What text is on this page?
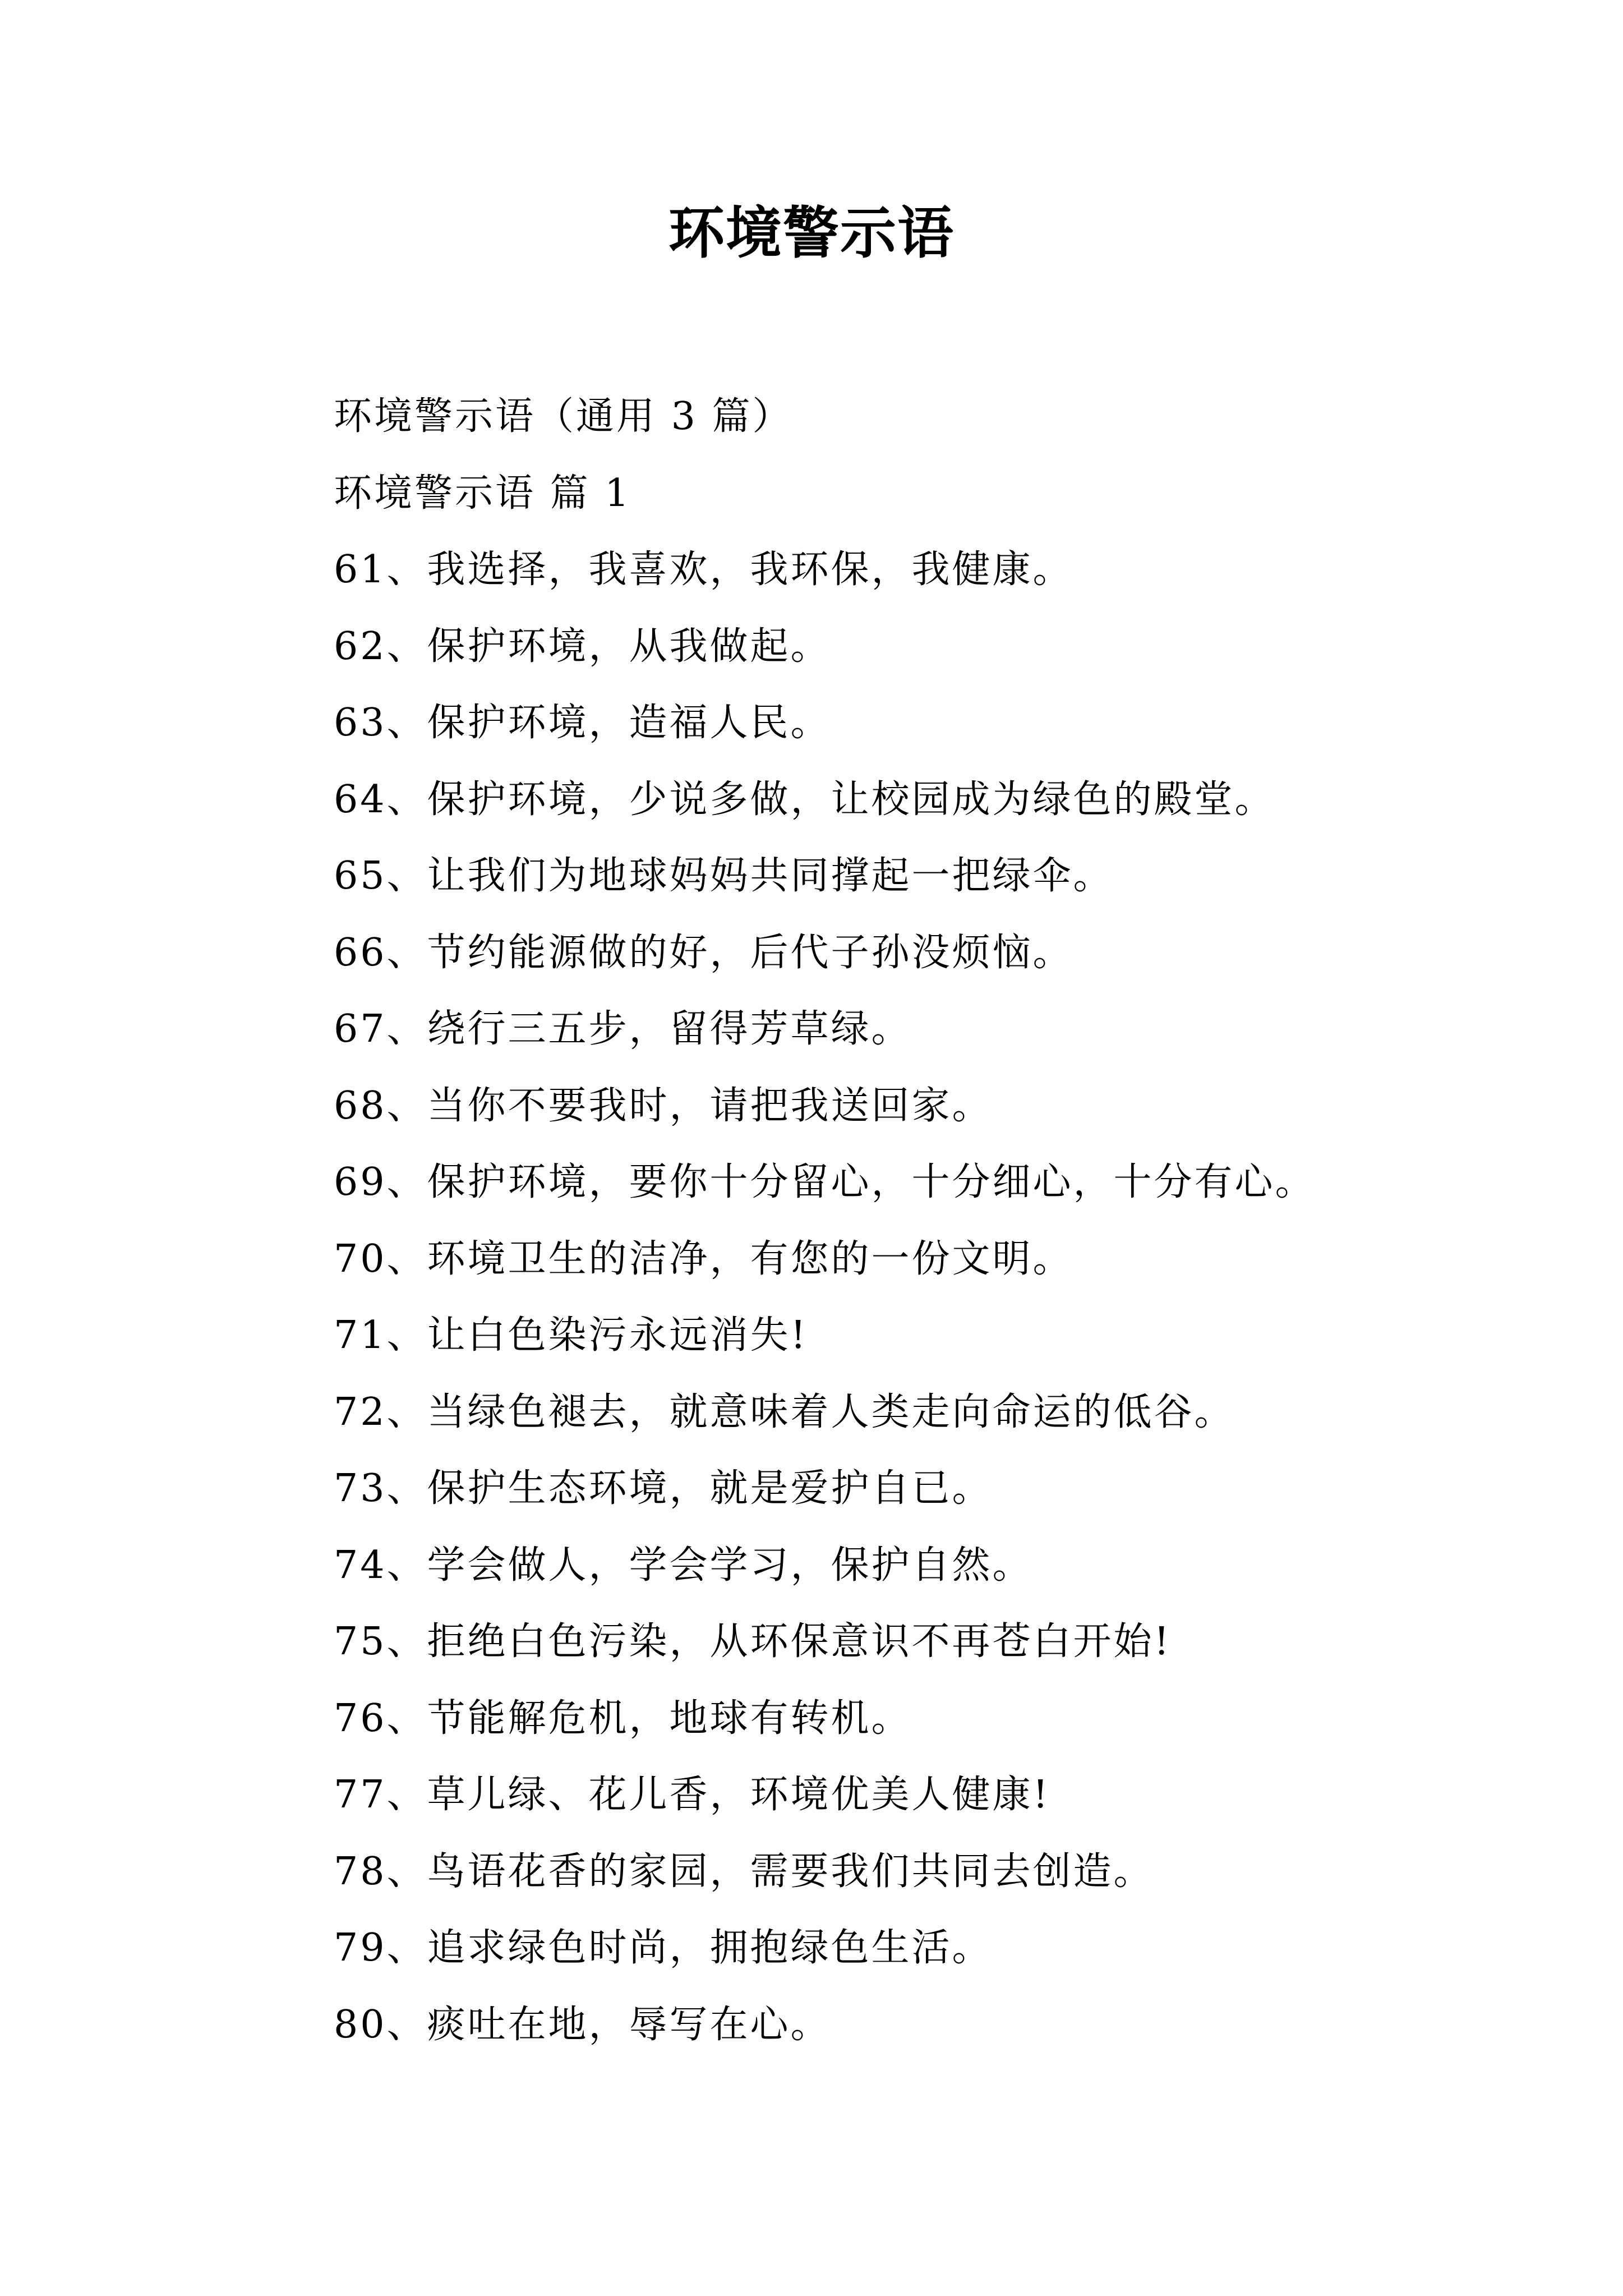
环境警示语
环境警示语（通用 3 篇）
环境警示语 篇 1
61、我选择，我喜欢，我环保，我健康。
62、保护环境，从我做起。
63、保护环境，造福人民。
64、保护环境，少说多做，让校园成为绿色的殿堂。
65、让我们为地球妈妈共同撑起一把绿伞。
66、节约能源做的好，后代子孙没烦恼。
67、绕行三五步，留得芳草绿。
68、当你不要我时，请把我送回家。
69、保护环境，要你十分留心，十分细心，十分有心。
70、环境卫生的洁净，有您的一份文明。
71、让白色染污永远消失!
72、当绿色褪去，就意味着人类走向命运的低谷。
73、保护生态环境，就是爱护自已。
74、学会做人，学会学习，保护自然。
75、拒绝白色污染，从环保意识不再苍白开始!
76、节能解危机，地球有转机。
77、草儿绿、花儿香，环境优美人健康!
78、鸟语花香的家园，需要我们共同去创造。
79、追求绿色时尚，拥抱绿色生活。
80、痰吐在地，辱写在心。
